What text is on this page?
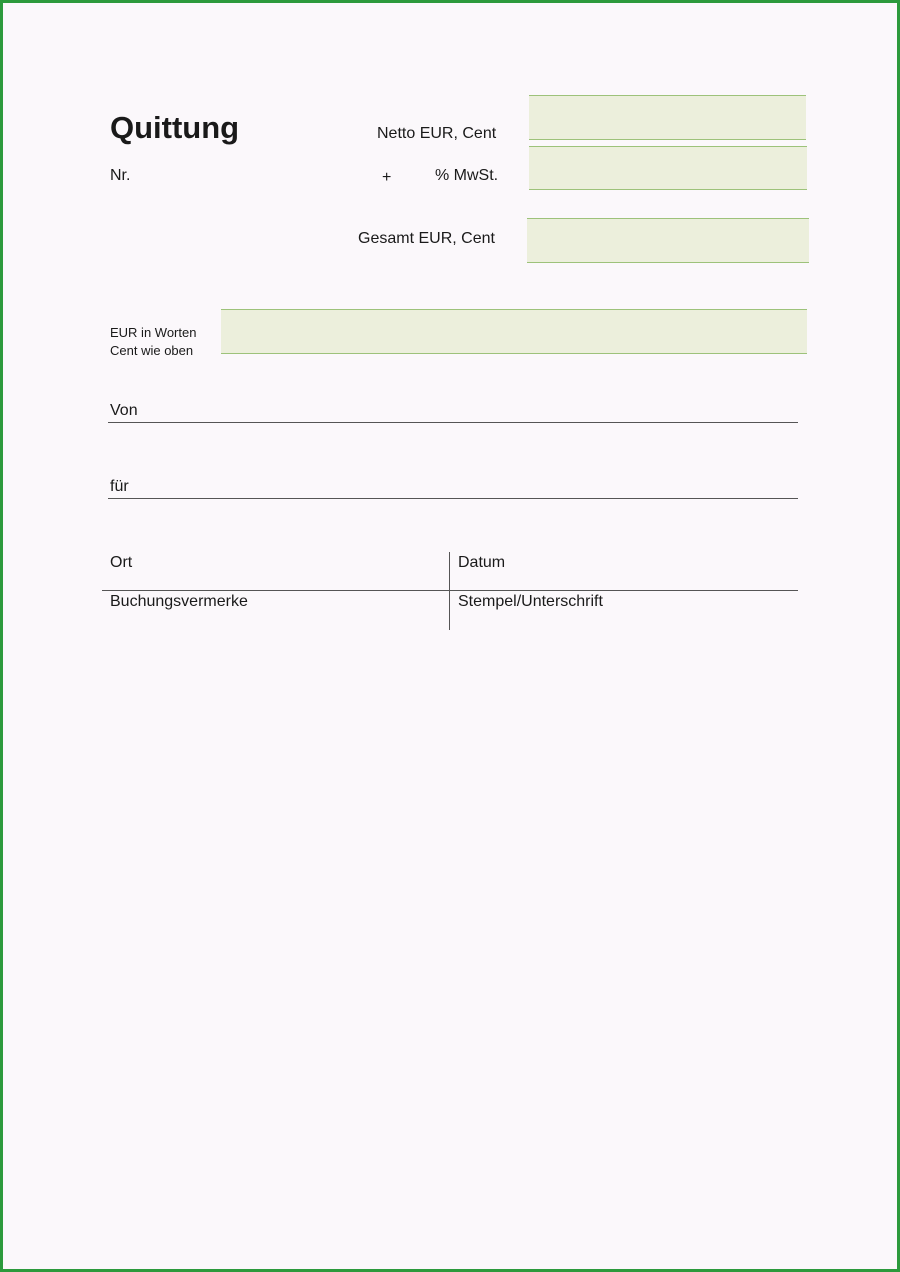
Quittung
Nr.
Netto EUR, Cent
+	% MwSt.
Gesamt EUR, Cent
EUR in Worten
Cent wie oben
Von
für
Ort	Datum
Buchungsvermerke	Stempel/Unterschrift
